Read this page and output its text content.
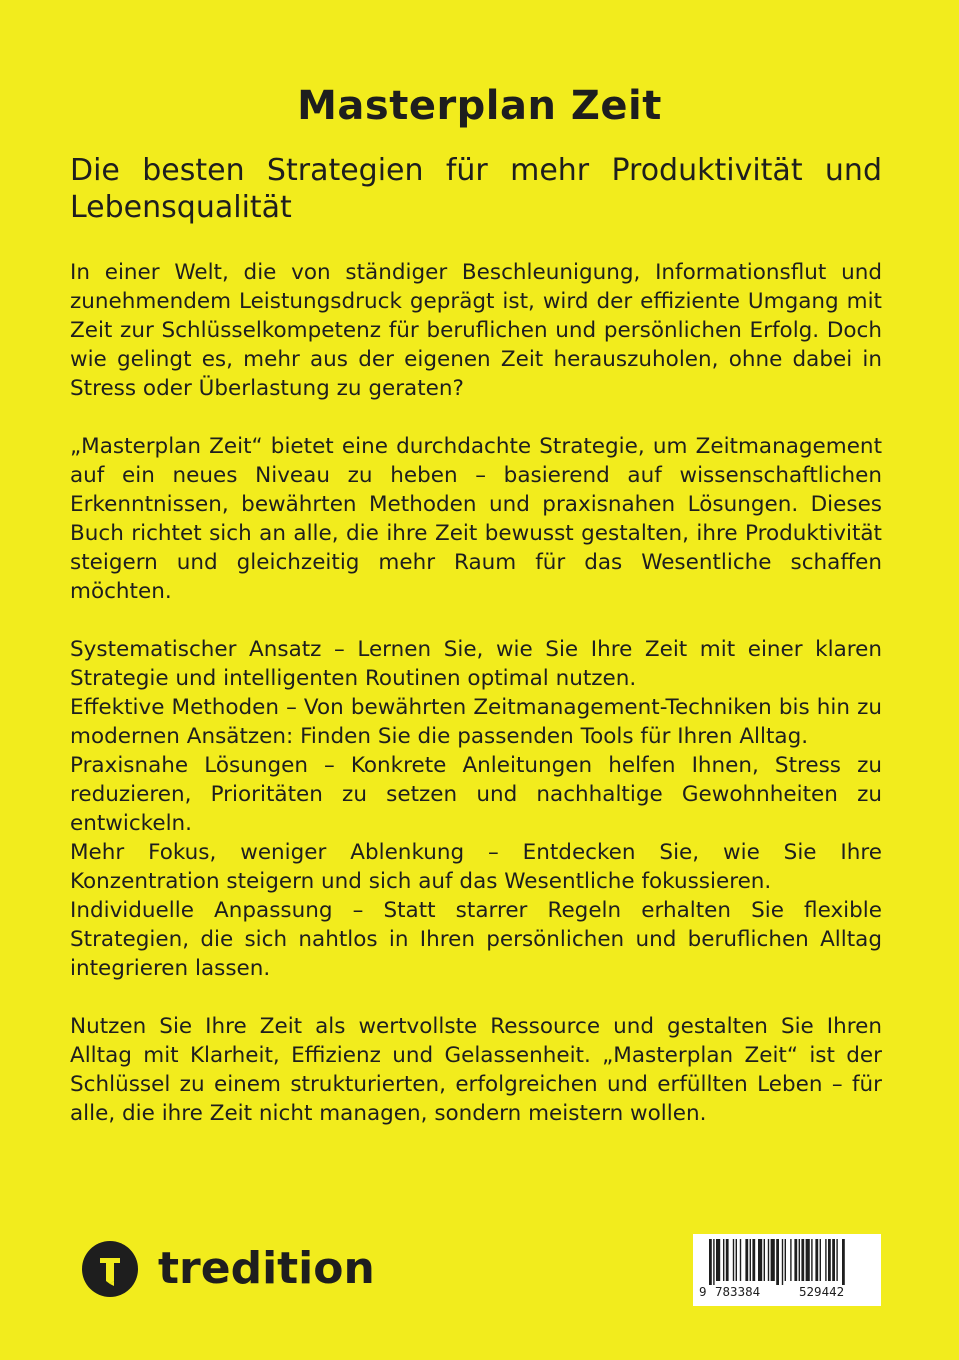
Masterplan Zeit
Die besten Strategien für mehr Produktivität und Lebensqualität

In einer Welt, die von ständiger Beschleunigung, Informationsflut und zunehmendem Leistungsdruck geprägt ist, wird der effiziente Umgang mit Zeit zur Schlüsselkompetenz für beruflichen und persönlichen Erfolg. Doch wie gelingt es, mehr aus der eigenen Zeit herauszuholen, ohne dabei in Stress oder Überlastung zu geraten?

„Masterplan Zeit“ bietet eine durchdachte Strategie, um Zeitmanagement auf ein neues Niveau zu heben – basierend auf wissenschaftlichen Erkenntnissen, bewährten Methoden und praxisnahen Lösungen. Dieses Buch richtet sich an alle, die ihre Zeit bewusst gestalten, ihre Produktivität steigern und gleichzeitig mehr Raum für das Wesentliche schaffen möchten.

Systematischer Ansatz – Lernen Sie, wie Sie Ihre Zeit mit einer klaren Strategie und intelligenten Routinen optimal nutzen.

Effektive Methoden – Von bewährten Zeitmanagement-Techniken bis hin zu modernen Ansätzen: Finden Sie die passenden Tools für Ihren Alltag.

Praxisnahe Lösungen – Konkrete Anleitungen helfen Ihnen, Stress zu reduzieren, Prioritäten zu setzen und nachhaltige Gewohnheiten zu entwickeln.

Mehr Fokus, weniger Ablenkung – Entdecken Sie, wie Sie Ihre Konzentration steigern und sich auf das Wesentliche fokussieren.

Individuelle Anpassung – Statt starrer Regeln erhalten Sie flexible Strategien, die sich nahtlos in Ihren persönlichen und beruflichen Alltag integrieren lassen.

Nutzen Sie Ihre Zeit als wertvollste Ressource und gestalten Sie Ihren Alltag mit Klarheit, Effizienz und Gelassenheit. „Masterplan Zeit“ ist der Schlüssel zu einem strukturierten, erfolgreichen und erfüllten Leben – für alle, die ihre Zeit nicht managen, sondern meistern wollen.

tredition	9 783384	529442
